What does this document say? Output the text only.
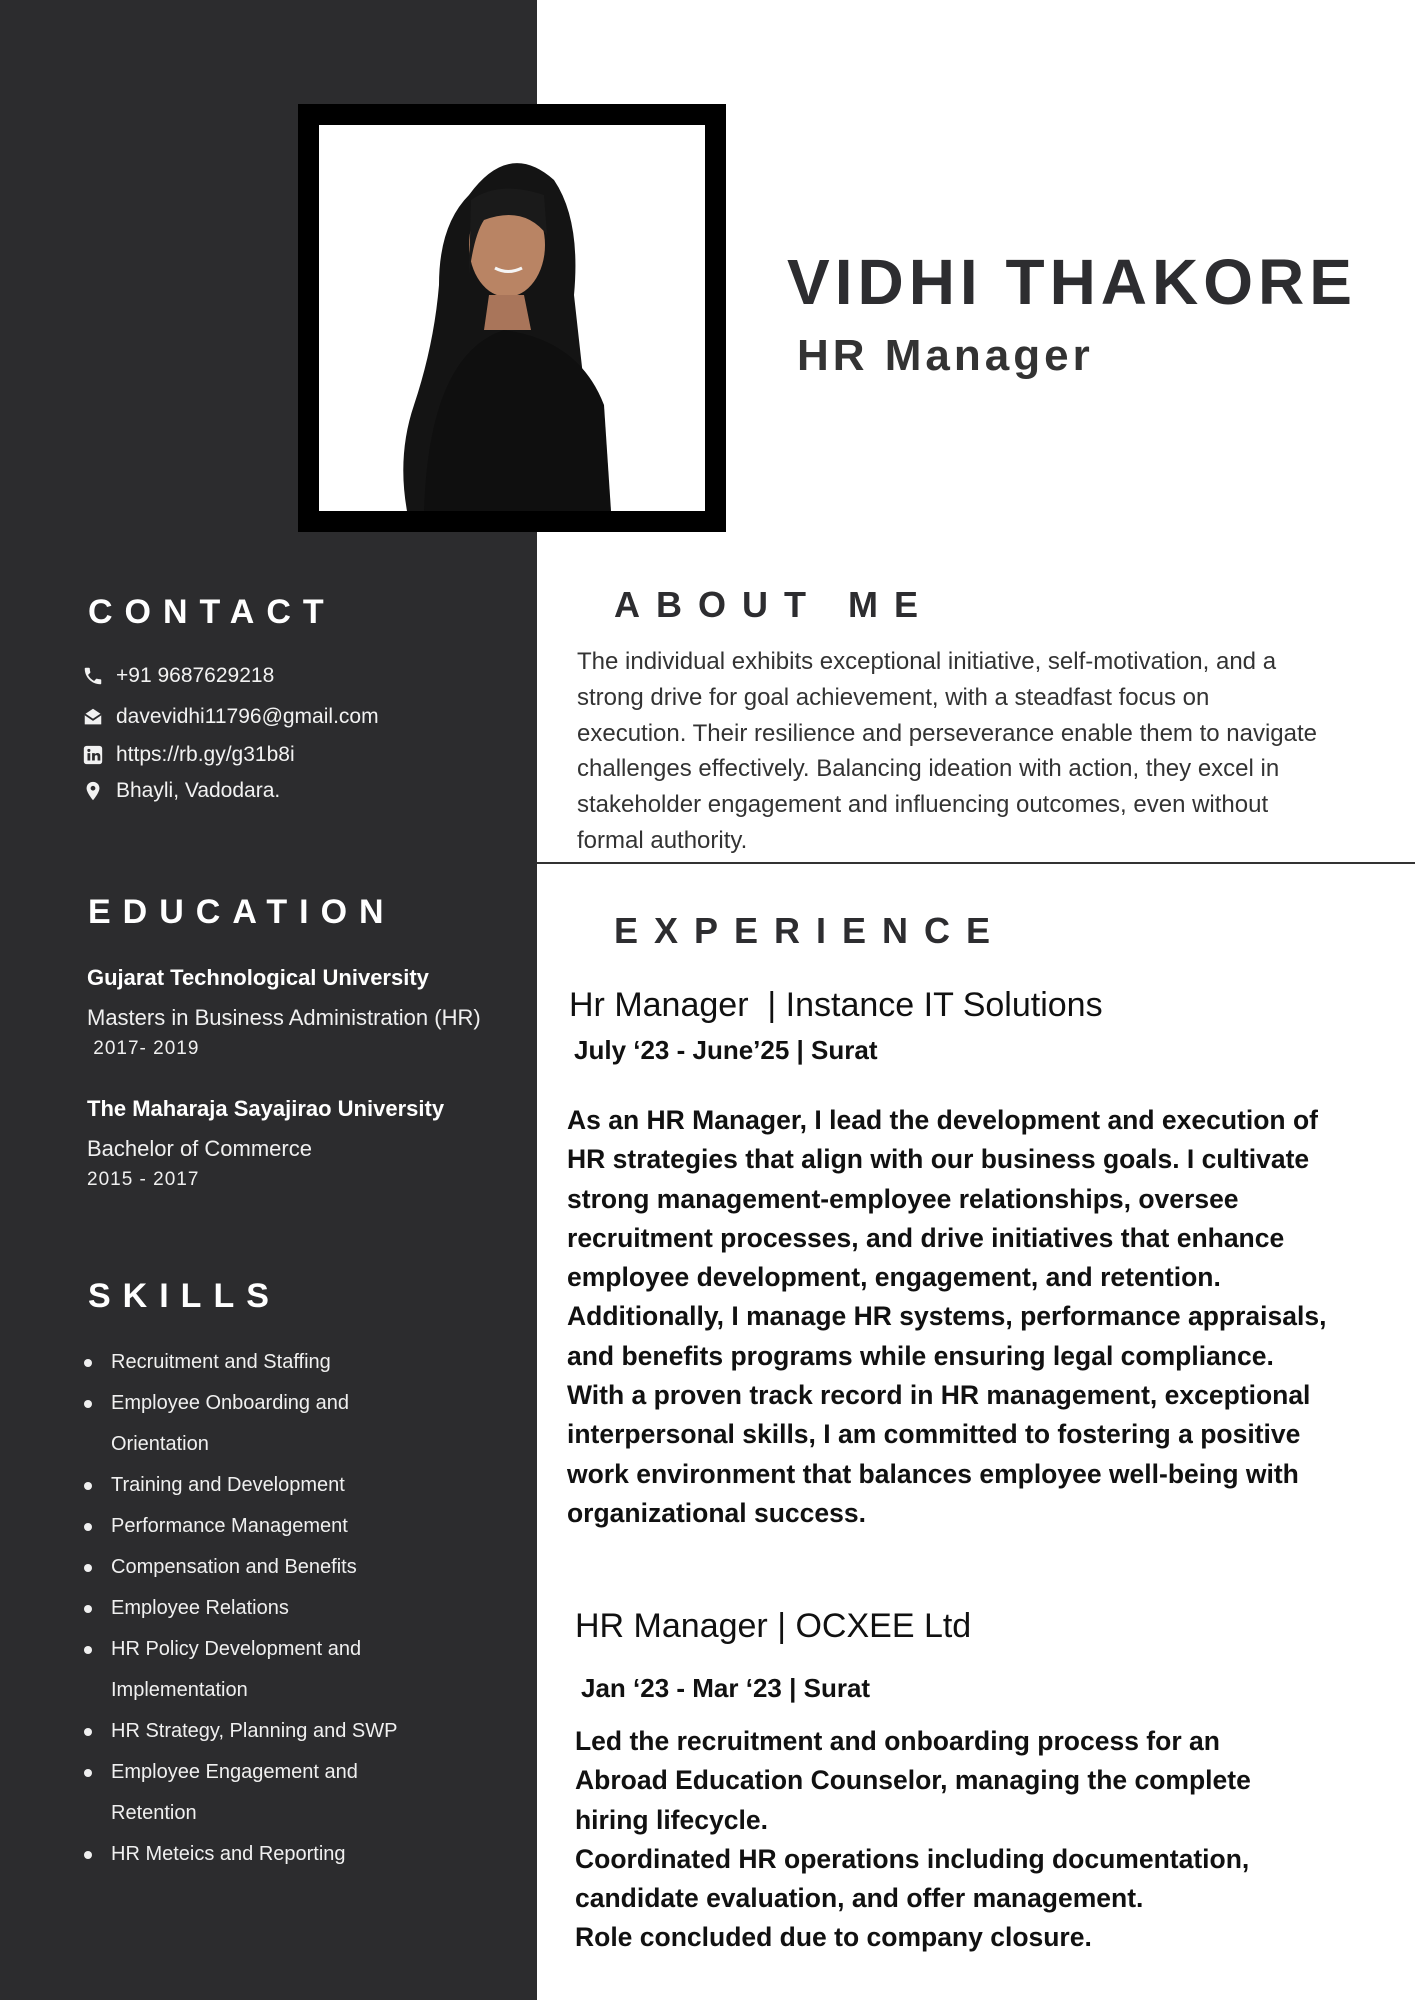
VIDHI THAKORE
HR Manager
CONTACT
+91 9687629218
davevidhi11796@gmail.com
https://rb.gy/g31b8i
Bhayli, Vadodara.
EDUCATION

Gujarat Technological University

Masters in Business Administration (HR)

2017- 2019

The Maharaja Sayajirao University

Bachelor of Commerce

2015 - 2017

SKILLS
Recruitment and Staffing
Employee Onboarding and Orientation
Training and Development
Performance Management
Compensation and Benefits
Employee Relations
HR Policy Development and Implementation
HR Strategy, Planning and SWP
Employee Engagement and Retention
HR Meteics and Reporting
ABOUT ME

The individual exhibits exceptional initiative, self-motivation, and a
strong drive for goal achievement, with a steadfast focus on
execution. Their resilience and perseverance enable them to navigate
challenges effectively. Balancing ideation with action, they excel in
stakeholder engagement and influencing outcomes, even without
formal authority.

EXPERIENCE

Hr Manager  | Instance IT Solutions

July ‘23 - June’25 | Surat

As an HR Manager, I lead the development and execution of
HR strategies that align with our business goals. I cultivate
strong management-employee relationships, oversee
recruitment processes, and drive initiatives that enhance
employee development, engagement, and retention.
Additionally, I manage HR systems, performance appraisals,
and benefits programs while ensuring legal compliance.
With a proven track record in HR management, exceptional
interpersonal skills, I am committed to fostering a positive
work environment that balances employee well-being with
organizational success.

HR Manager | OCXEE Ltd

Jan ‘23 - Mar ‘23 | Surat

Led the recruitment and onboarding process for an
Abroad Education Counselor, managing the complete
hiring lifecycle.
Coordinated HR operations including documentation,
candidate evaluation, and offer management.
Role concluded due to company closure.
